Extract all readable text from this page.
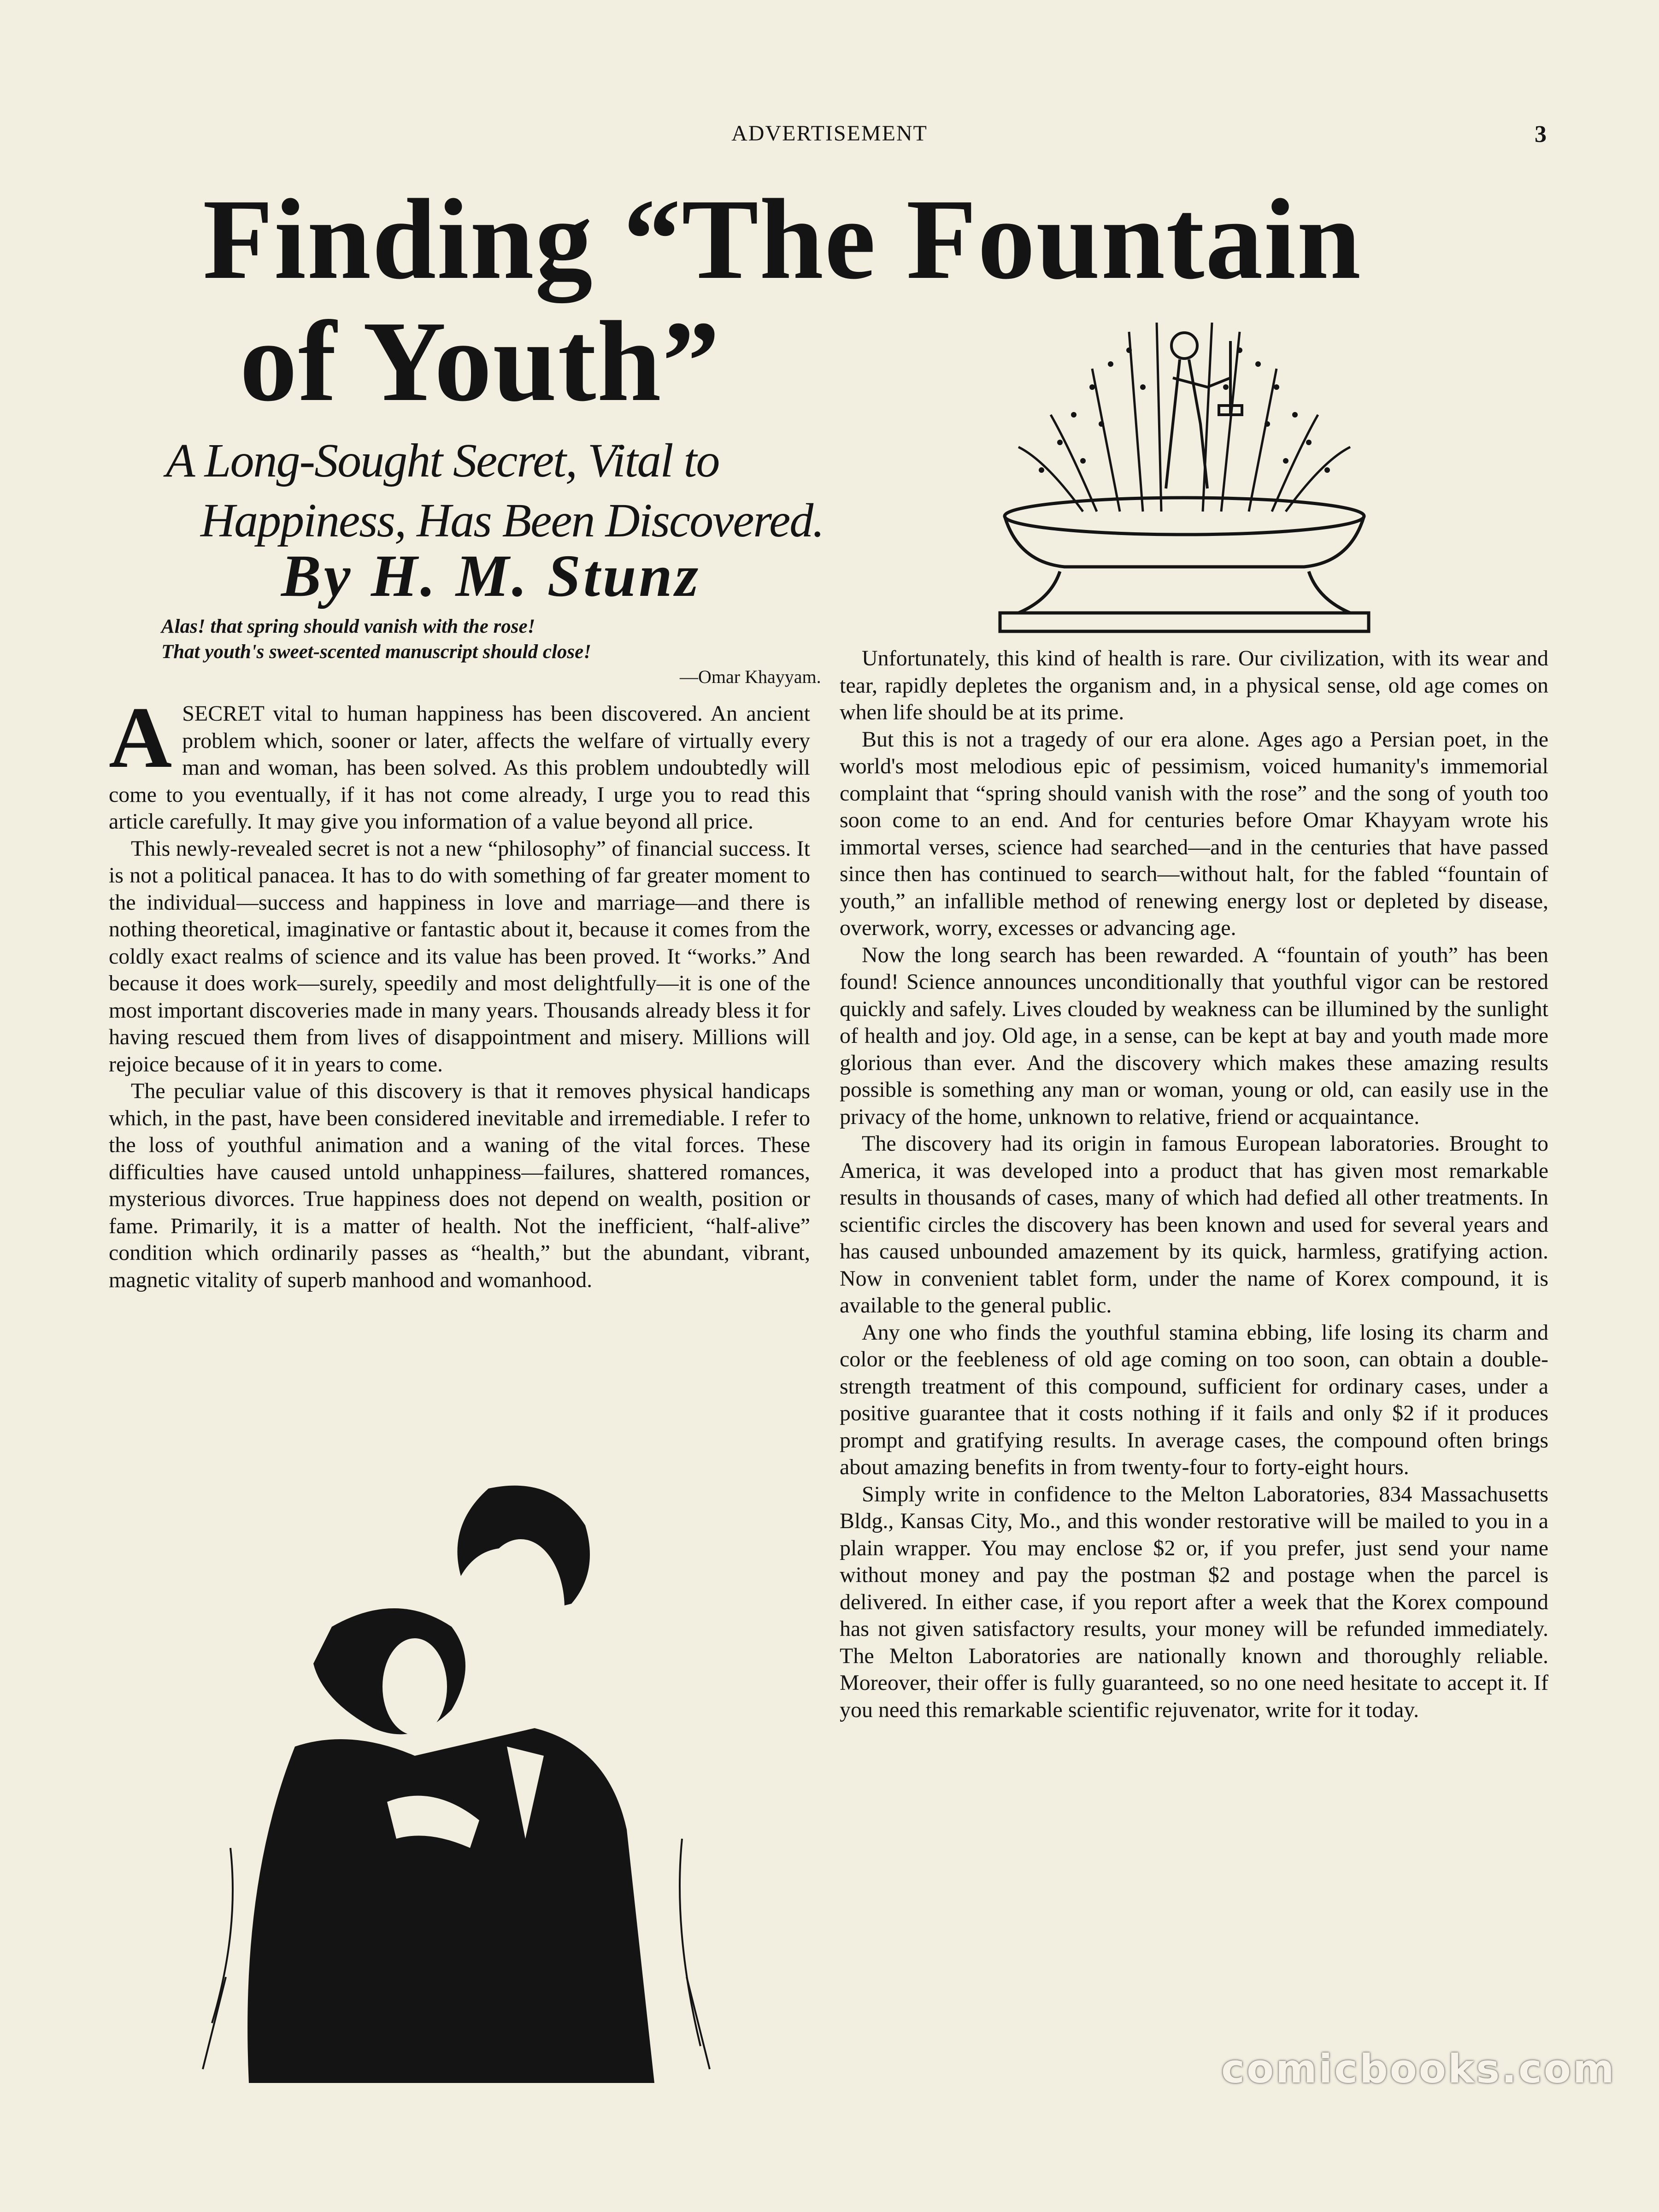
ADVERTISEMENT	3
Finding “The Fountain
of Youth”
A Long-Sought Secret, Vital to
Happiness, Has Been Discovered.
By H. M. Stunz
Alas! that spring should vanish with the rose!
That youth's sweet-scented manuscript should close!
—Omar Khayyam.

ASECRET vital to human happiness has been discovered. An ancient problem which, sooner or later, affects the welfare of virtually every man and woman, has been solved. As this problem undoubtedly will come to you eventually, if it has not come already, I urge you to read this article carefully. It may give you information of a value beyond all price.

This newly-revealed secret is not a new “philosophy” of financial success. It is not a political panacea. It has to do with something of far greater moment to the individual—success and happiness in love and marriage—and there is nothing theoretical, imaginative or fantastic about it, because it comes from the coldly exact realms of science and its value has been proved. It “works.” And because it does work—surely, speedily and most delightfully—it is one of the most important discoveries made in many years. Thousands already bless it for having rescued them from lives of disappointment and misery. Millions will rejoice because of it in years to come.

The peculiar value of this discovery is that it removes physical handicaps which, in the past, have been considered inevitable and irremediable. I refer to the loss of youthful animation and a waning of the vital forces. These difficulties have caused untold unhappiness—failures, shattered romances, mysterious divorces. True happiness does not depend on wealth, position or fame. Primarily, it is a matter of health. Not the inefficient, “half-alive” condition which ordinarily passes as “health,” but the abundant, vibrant, magnetic vitality of superb manhood and womanhood.

Unfortunately, this kind of health is rare. Our civilization, with its wear and tear, rapidly depletes the organism and, in a physical sense, old age comes on when life should be at its prime.

But this is not a tragedy of our era alone. Ages ago a Persian poet, in the world's most melodious epic of pessimism, voiced humanity's immemorial complaint that “spring should vanish with the rose” and the song of youth too soon come to an end. And for centuries before Omar Khayyam wrote his immortal verses, science had searched—and in the centuries that have passed since then has continued to search—without halt, for the fabled “fountain of youth,” an infallible method of renewing energy lost or depleted by disease, overwork, worry, excesses or advancing age.

Now the long search has been rewarded. A “fountain of youth” has been found! Science announces unconditionally that youthful vigor can be restored quickly and safely. Lives clouded by weakness can be illumined by the sunlight of health and joy. Old age, in a sense, can be kept at bay and youth made more glorious than ever. And the discovery which makes these amazing results possible is something any man or woman, young or old, can easily use in the privacy of the home, unknown to relative, friend or acquaintance.

The discovery had its origin in famous European laboratories. Brought to America, it was developed into a product that has given most remarkable results in thousands of cases, many of which had defied all other treatments. In scientific circles the discovery has been known and used for several years and has caused unbounded amazement by its quick, harmless, gratifying action. Now in convenient tablet form, under the name of Korex compound, it is available to the general public.

Any one who finds the youthful stamina ebbing, life losing its charm and color or the feebleness of old age coming on too soon, can obtain a double-strength treatment of this compound, sufficient for ordinary cases, under a positive guarantee that it costs nothing if it fails and only $2 if it produces prompt and gratifying results. In average cases, the compound often brings about amazing benefits in from twenty-four to forty-eight hours.

Simply write in confidence to the Melton Laboratories, 834 Massachusetts Bldg., Kansas City, Mo., and this wonder restorative will be mailed to you in a plain wrapper. You may enclose $2 or, if you prefer, just send your name without money and pay the postman $2 and postage when the parcel is delivered. In either case, if you report after a week that the Korex compound has not given satisfactory results, your money will be refunded immediately. The Melton Laboratories are nationally known and thoroughly reliable. Moreover, their offer is fully guaranteed, so no one need hesitate to accept it. If you need this remarkable scientific rejuvenator, write for it today.

comicbooks.com
